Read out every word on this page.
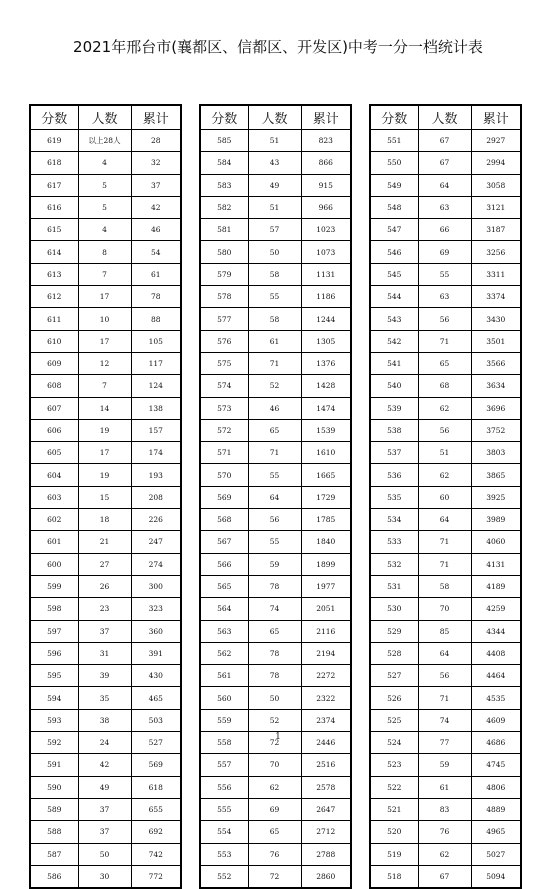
2021年邢台市(襄都区、信都区、开发区)中考一分一档统计表
分数	人数	累计
619	以上28人	28
618	4	32
617	5	37
616	5	42
615	4	46
614	8	54
613	7	61
612	17	78
611	10	88
610	17	105
609	12	117
608	7	124
607	14	138
606	19	157
605	17	174
604	19	193
603	15	208
602	18	226
601	21	247
600	27	274
599	26	300
598	23	323
597	37	360
596	31	391
595	39	430
594	35	465
593	38	503
592	24	527
591	42	569
590	49	618
589	37	655
588	37	692
587	50	742
586	30	772
分数	人数	累计
585	51	823
584	43	866
583	49	915
582	51	966
581	57	1023
580	50	1073
579	58	1131
578	55	1186
577	58	1244
576	61	1305
575	71	1376
574	52	1428
573	46	1474
572	65	1539
571	71	1610
570	55	1665
569	64	1729
568	56	1785
567	55	1840
566	59	1899
565	78	1977
564	74	2051
563	65	2116
562	78	2194
561	78	2272
560	50	2322
559	52	2374
558	72	2446
557	70	2516
556	62	2578
555	69	2647
554	65	2712
553	76	2788
552	72	2860
分数	人数	累计
551	67	2927
550	67	2994
549	64	3058
548	63	3121
547	66	3187
546	69	3256
545	55	3311
544	63	3374
543	56	3430
542	71	3501
541	65	3566
540	68	3634
539	62	3696
538	56	3752
537	51	3803
536	62	3865
535	60	3925
534	64	3989
533	71	4060
532	71	4131
531	58	4189
530	70	4259
529	85	4344
528	64	4408
527	56	4464
526	71	4535
525	74	4609
524	77	4686
523	59	4745
522	61	4806
521	83	4889
520	76	4965
519	62	5027
518	67	5094
1
